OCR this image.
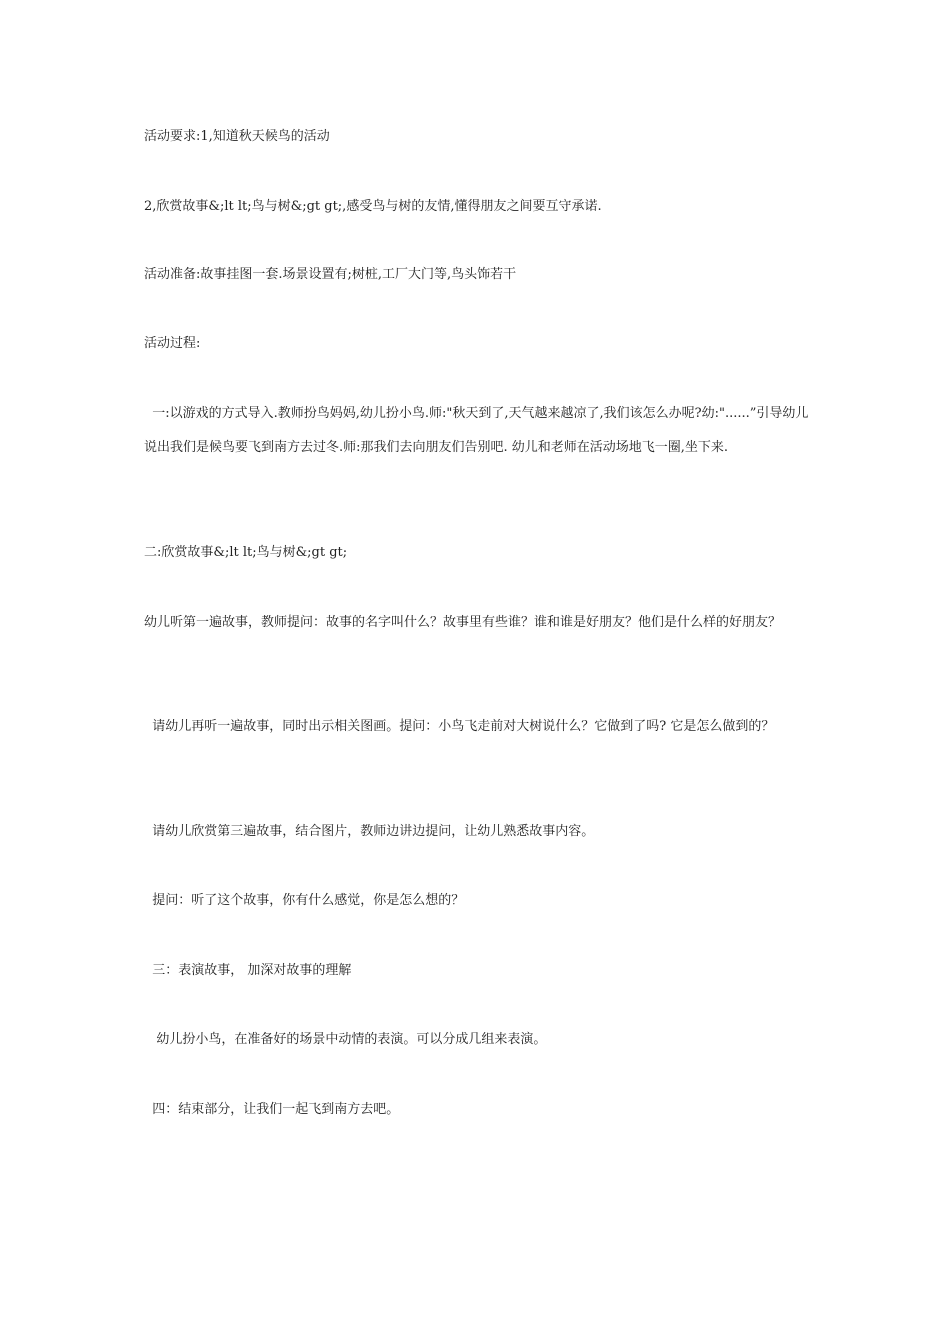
活动要求:1,知道秋天候鸟的活动

2,欣赏故事&;lt lt;鸟与树&;gt gt;,感受鸟与树的友情,懂得朋友之间要互守承诺.

活动准备:故事挂图一套.场景设置有;树桩,工厂大门等,鸟头饰若干

活动过程:

一:以游戏的方式导入.教师扮鸟妈妈,幼儿扮小鸟.师:"秋天到了,天气越来越凉了,我们该怎么办呢?幼:"......”引导幼儿说出我们是候鸟要飞到南方去过冬.师:那我们去向朋友们告别吧. 幼儿和老师在活动场地飞一圈,坐下来.

二:欣赏故事&;lt lt;鸟与树&;gt gt;

幼儿听第一遍故事，教师提问：故事的名字叫什么？故事里有些谁？谁和谁是好朋友？他们是什么样的好朋友？

请幼儿再听一遍故事，同时出示相关图画。提问：小鸟飞走前对大树说什么？它做到了吗? 它是怎么做到的？

请幼儿欣赏第三遍故事，结合图片，教师边讲边提问，让幼儿熟悉故事内容。

提问：听了这个故事，你有什么感觉，你是怎么想的？

三：表演故事， 加深对故事的理解

幼儿扮小鸟，在准备好的场景中动情的表演。可以分成几组来表演。

四：结束部分，让我们一起飞到南方去吧。
